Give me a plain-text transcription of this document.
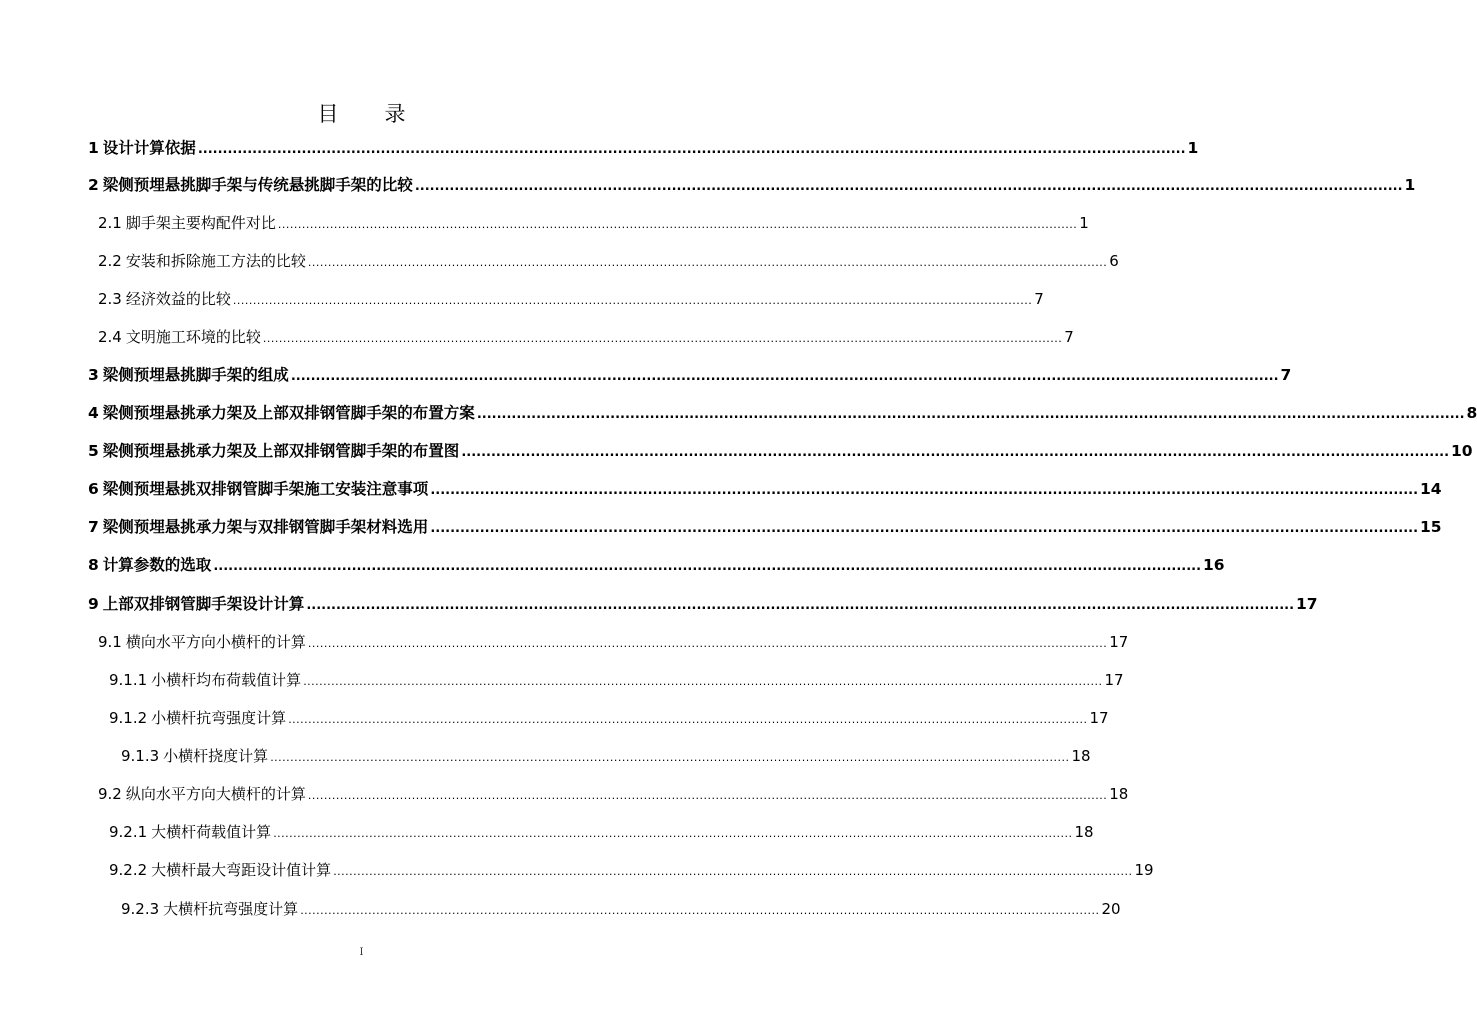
目 录
1 设计计算依据 ........................................................................................................................................................................................................ 1
2 梁侧预埋悬挑脚手架与传统悬挑脚手架的比较 ........................................................................................................................................................................................................ 1
2.1 脚手架主要构配件对比 ........................................................................................................................................................................................................ 1
2.2 安装和拆除施工方法的比较 ........................................................................................................................................................................................................ 6
2.3 经济效益的比较 ........................................................................................................................................................................................................ 7
2.4 文明施工环境的比较 ........................................................................................................................................................................................................ 7
3 梁侧预埋悬挑脚手架的组成 ........................................................................................................................................................................................................ 7
4 梁侧预埋悬挑承力架及上部双排钢管脚手架的布置方案 ........................................................................................................................................................................................................ 8
5 梁侧预埋悬挑承力架及上部双排钢管脚手架的布置图 ........................................................................................................................................................................................................ 10
6 梁侧预埋悬挑双排钢管脚手架施工安装注意事项 ........................................................................................................................................................................................................ 14
7 梁侧预埋悬挑承力架与双排钢管脚手架材料选用 ........................................................................................................................................................................................................ 15
8 计算参数的选取 ........................................................................................................................................................................................................ 16
9 上部双排钢管脚手架设计计算 ........................................................................................................................................................................................................ 17
9.1 横向水平方向小横杆的计算 ........................................................................................................................................................................................................ 17
9.1.1 小横杆均布荷载值计算 ........................................................................................................................................................................................................ 17
9.1.2 小横杆抗弯强度计算 ........................................................................................................................................................................................................ 17
9.1.3 小横杆挠度计算 ........................................................................................................................................................................................................ 18
9.2 纵向水平方向大横杆的计算 ........................................................................................................................................................................................................ 18
9.2.1 大横杆荷载值计算 ........................................................................................................................................................................................................ 18
9.2.2 大横杆最大弯距设计值计算 ........................................................................................................................................................................................................ 19
9.2.3 大横杆抗弯强度计算 ........................................................................................................................................................................................................ 20
I
